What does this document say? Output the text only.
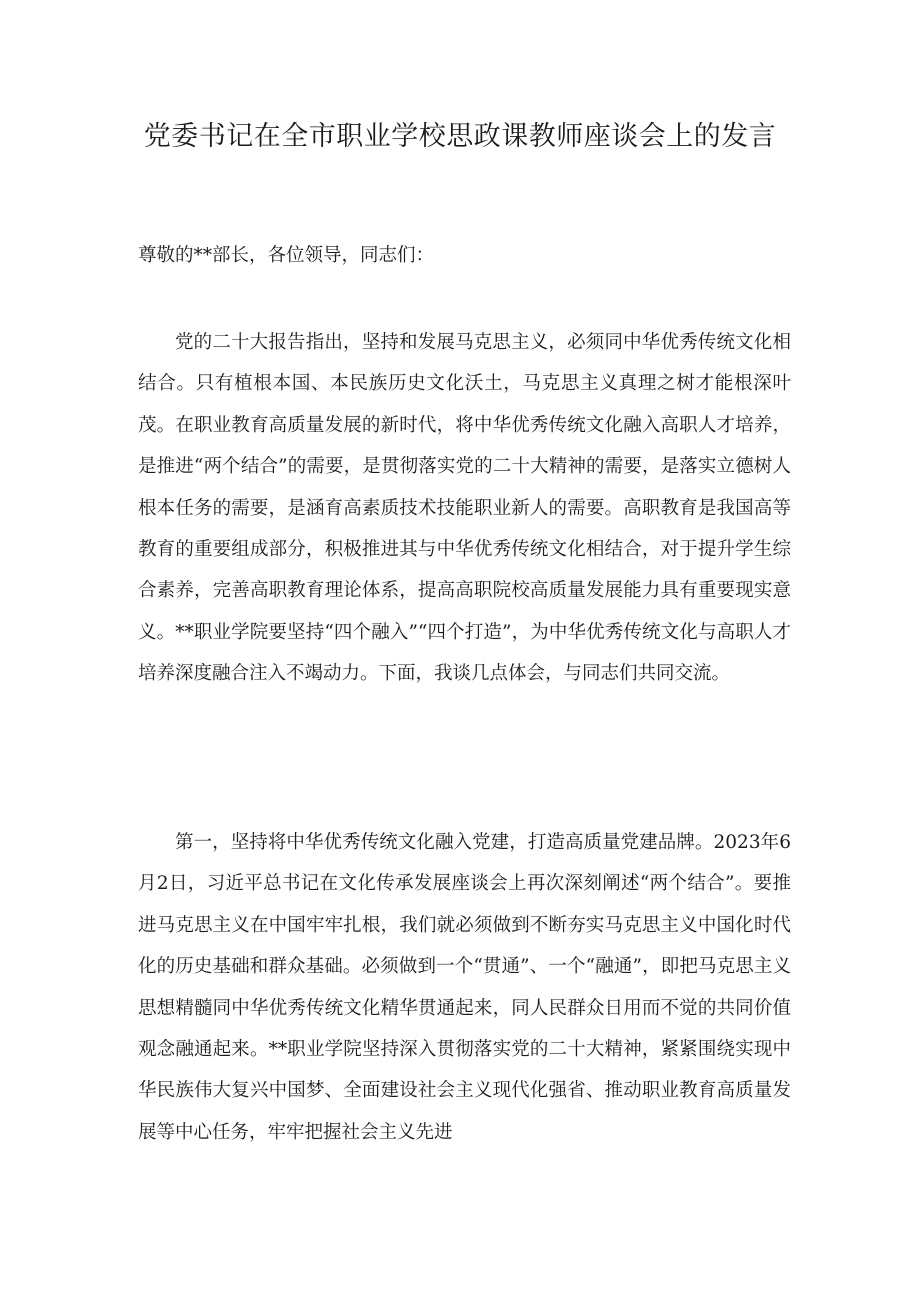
党委书记在全市职业学校思政课教师座谈会上的发言

尊敬的**部长，各位领导，同志们：

党的二十大报告指出，坚持和发展马克思主义，必须同中华优秀传统文化相结合。只有植根本国、本民族历史文化沃土，马克思主义真理之树才能根深叶茂。在职业教育高质量发展的新时代，将中华优秀传统文化融入高职人才培养，是推进“两个结合”的需要，是贯彻落实党的二十大精神的需要，是落实立德树人根本任务的需要，是涵育高素质技术技能职业新人的需要。高职教育是我国高等教育的重要组成部分，积极推进其与中华优秀传统文化相结合，对于提升学生综合素养，完善高职教育理论体系，提高高职院校高质量发展能力具有重要现实意义。**职业学院要坚持“四个融入”“四个打造”，为中华优秀传统文化与高职人才培养深度融合注入不竭动力。下面，我谈几点体会，与同志们共同交流。

第一，坚持将中华优秀传统文化融入党建，打造高质量党建品牌。2023年6月2日，习近平总书记在文化传承发展座谈会上再次深刻阐述“两个结合”。要推进马克思主义在中国牢牢扎根，我们就必须做到不断夯实马克思主义中国化时代化的历史基础和群众基础。必须做到一个“贯通”、一个“融通”，即把马克思主义思想精髓同中华优秀传统文化精华贯通起来，同人民群众日用而不觉的共同价值观念融通起来。**职业学院坚持深入贯彻落实党的二十大精神，紧紧围绕实现中华民族伟大复兴中国梦、全面建设社会主义现代化强省、推动职业教育高质量发展等中心任务，牢牢把握社会主义先进
